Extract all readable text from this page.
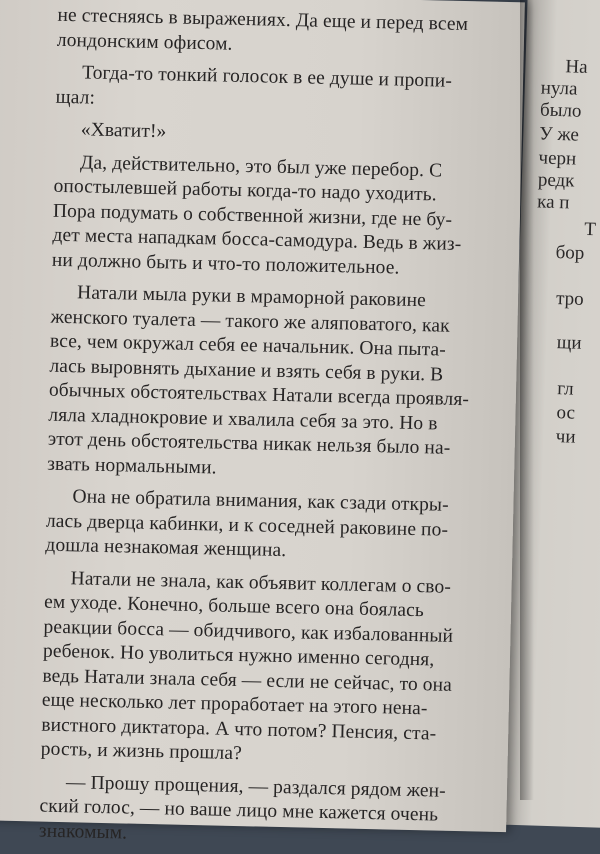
На
нула
было
У же
черн
редк
ка п
Т
бор
тро
щи
гл
ос
чи
не стесняясь в выражениях. Да еще и перед всем
лондонским офисом.
Тогда-то тонкий голосок в ее душе и пропи-
щал:
«Хватит!»
Да, действительно, это был уже перебор. С
опостылевшей работы когда-то надо уходить.
Пора подумать о собственной жизни, где не бу-
дет места нападкам босса-самодура. Ведь в жиз-
ни должно быть и что-то положительное.
Натали мыла руки в мраморной раковине
женского туалета — такого же аляповатого, как
все, чем окружал себя ее начальник. Она пыта-
лась выровнять дыхание и взять себя в руки. В
обычных обстоятельствах Натали всегда проявля-
ляла хладнокровие и хвалила себя за это. Но в
этот день обстоятельства никак нельзя было на-
звать нормальными.
Она не обратила внимания, как сзади откры-
лась дверца кабинки, и к соседней раковине по-
дошла незнакомая женщина.
Натали не знала, как объявит коллегам о сво-
ем уходе. Конечно, больше всего она боялась
реакции босса — обидчивого, как избалованный
ребенок. Но уволиться нужно именно сегодня,
ведь Натали знала себя — если не сейчас, то она
еще несколько лет проработает на этого нена-
вистного диктатора. А что потом? Пенсия, ста-
рость, и жизнь прошла?
— Прошу прощения, — раздался рядом жен-
ский голос, — но ваше лицо мне кажется очень
знакомым.
